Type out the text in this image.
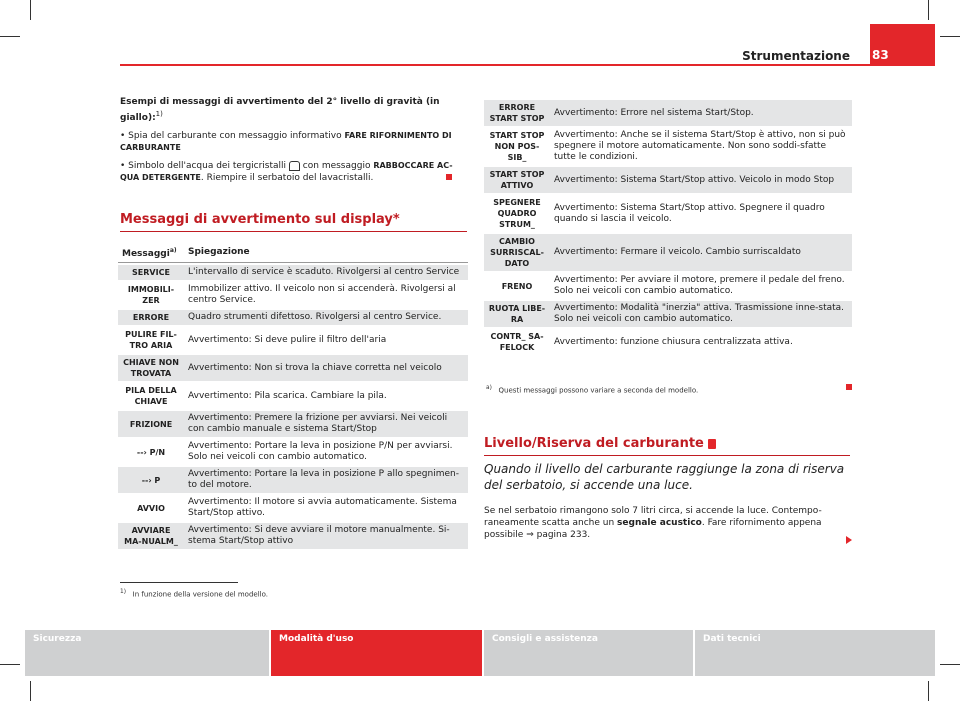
Strumentazione 83
Esempi di messaggi di avvertimento del 2° livello di gravità (in giallo):$^{1)}$
• Spia del carburante con messaggio informativo FARE RIFORNIMENTO DI CARBURANTE
• Simbolo dell'acqua dei tergicristalli con messaggio RABBOCCARE AC-QUA DETERGENTE. Riempire il serbatoio del lavacristalli.
Messaggi di avvertimento sul display*
Messaggi$^{a)}$	Spiegazione
SERVICE	L'intervallo di service è scaduto. Rivolgersi al centro Service
IMMOBILI-ZER	Immobilizer attivo. Il veicolo non si accenderà. Rivolgersi al centro Service.
ERRORE	Quadro strumenti difettoso. Rivolgersi al centro Service.
PULIRE FIL-TRO ARIA	Avvertimento: Si deve pulire il filtro dell'aria
CHIAVE NON TROVATA	Avvertimento: Non si trova la chiave corretta nel veicolo
PILA DELLA CHIAVE	Avvertimento: Pila scarica. Cambiare la pila.
FRIZIONE	Avvertimento: Premere la frizione per avviarsi. Nei veicoli con cambio manuale e sistema Start/Stop
--› P/N	Avvertimento: Portare la leva in posizione P/N per avviarsi. Solo nei veicoli con cambio automatico.
--› P	Avvertimento: Portare la leva in posizione P allo spegnimen-to del motore.
AVVIO	Avvertimento: Il motore si avvia automaticamente. Sistema Start/Stop attivo.
AVVIARE MA-NUALM_	Avvertimento: Si deve avviare il motore manualmente. Si-stema Start/Stop attivo
ERRORE START STOP	Avvertimento: Errore nel sistema Start/Stop.
START STOP NON POS-SIB_	Avvertimento: Anche se il sistema Start/Stop è attivo, non si può spegnere il motore automaticamente. Non sono soddi-sfatte tutte le condizioni.
START STOP ATTIVO	Avvertimento: Sistema Start/Stop attivo. Veicolo in modo Stop
SPEGNERE QUADRO STRUM_	Avvertimento: Sistema Start/Stop attivo. Spegnere il quadro quando si lascia il veicolo.
CAMBIO SURRISCAL-DATO	Avvertimento: Fermare il veicolo. Cambio surriscaldato
FRENO	Avvertimento: Per avviare il motore, premere il pedale del freno. Solo nei veicoli con cambio automatico.
RUOTA LIBE-RA	Avvertimento: Modalità "inerzia" attiva. Trasmissione inne-stata. Solo nei veicoli con cambio automatico.
CONTR_ SA-FELOCK	Avvertimento: funzione chiusura centralizzata attiva.
$^{a)}$ Questi messaggi possono variare a seconda del modello.
Livello/Riserva del carburante
Quando il livello del carburante raggiunge la zona di riserva del serbatoio, si accende una luce.
Se nel serbatoio rimangono solo 7 litri circa, si accende la luce. Contempo-raneamente scatta anche un segnale acustico. Fare rifornimento appena possibile ⇒ pagina 233.
$^{1)}$ In funzione della versione del modello.
Sicurezza	Modalità d'uso	Consigli e assistenza	Dati tecnici
